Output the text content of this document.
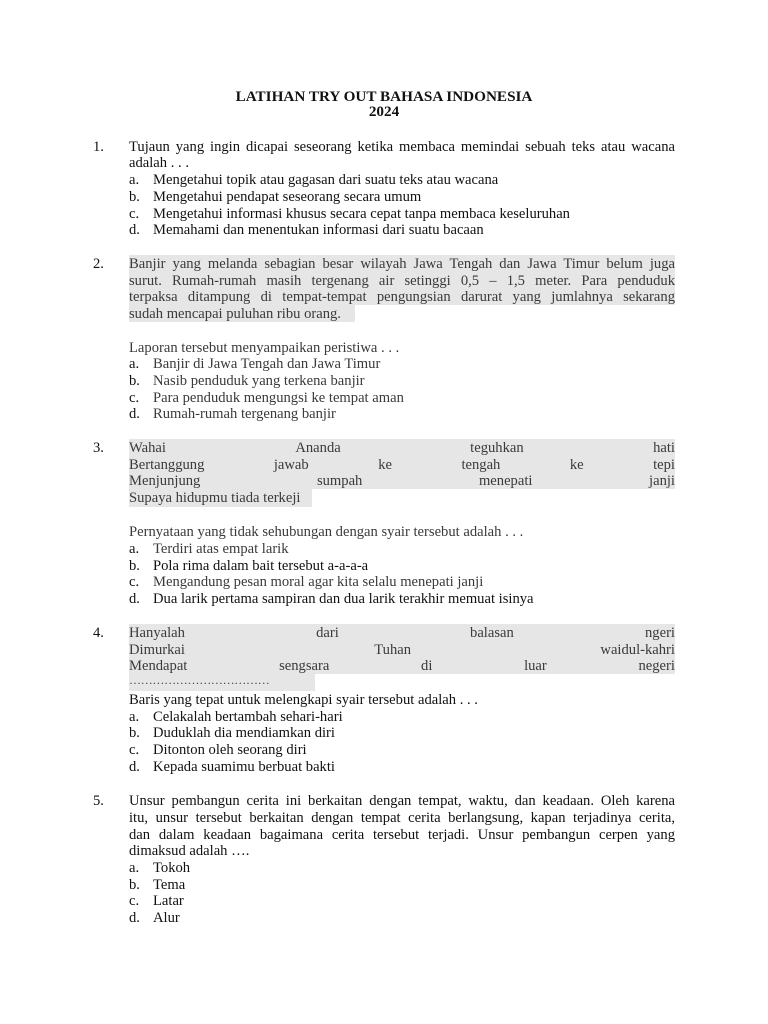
LATIHAN TRY OUT BAHASA INDONESIA
2024
1. Tujaun yang ingin dicapai seseorang ketika membaca memindai sebuah teks atau wacana
adalah . . .
a. Mengetahui topik atau gagasan dari suatu teks atau wacana
b. Mengetahui pendapat seseorang secara umum
c. Mengetahui informasi khusus secara cepat tanpa membaca keseluruhan
d. Memahami dan menentukan informasi dari suatu bacaan
2. Banjir yang melanda sebagian besar wilayah Jawa Tengah dan Jawa Timur belum juga
surut. Rumah-rumah masih tergenang air setinggi 0,5 – 1,5 meter. Para penduduk
terpaksa ditampung di tempat-tempat pengungsian darurat yang jumlahnya sekarang
sudah mencapai puluhan ribu orang.
Laporan tersebut menyampaikan peristiwa . . .
a. Banjir di Jawa Tengah dan Jawa Timur
b. Nasib penduduk yang terkena banjir
c. Para penduduk mengungsi ke tempat aman
d. Rumah-rumah tergenang banjir
3. Wahai	Ananda	teguhkan	hati
Bertanggung	jawab	ke	tengah	ke	tepi
Menjunjung	sumpah	menepati	janji
Supaya hidupmu tiada terkeji
Pernyataan yang tidak sehubungan dengan syair tersebut adalah . . .
a. Terdiri atas empat larik
b. Pola rima dalam bait tersebut a-a-a-a
c. Mengandung pesan moral agar kita selalu menepati janji
d. Dua larik pertama sampiran dan dua larik terakhir memuat isinya
4. Hanyalah	dari	balasan	ngeri
Dimurkai	Tuhan	waidul-kahri
Mendapat	sengsara	di	luar	negeri
………………………………
Baris yang tepat untuk melengkapi syair tersebut adalah . . .
a. Celakalah bertambah sehari-hari
b. Duduklah dia mendiamkan diri
c. Ditonton oleh seorang diri
d. Kepada suamimu berbuat bakti
5. Unsur pembangun cerita ini berkaitan dengan tempat, waktu, dan keadaan. Oleh karena
itu, unsur tersebut berkaitan dengan tempat cerita berlangsung, kapan terjadinya cerita,
dan dalam keadaan bagaimana cerita tersebut terjadi. Unsur pembangun cerpen yang
dimaksud adalah ….
a. Tokoh
b. Tema
c. Latar
d. Alur
